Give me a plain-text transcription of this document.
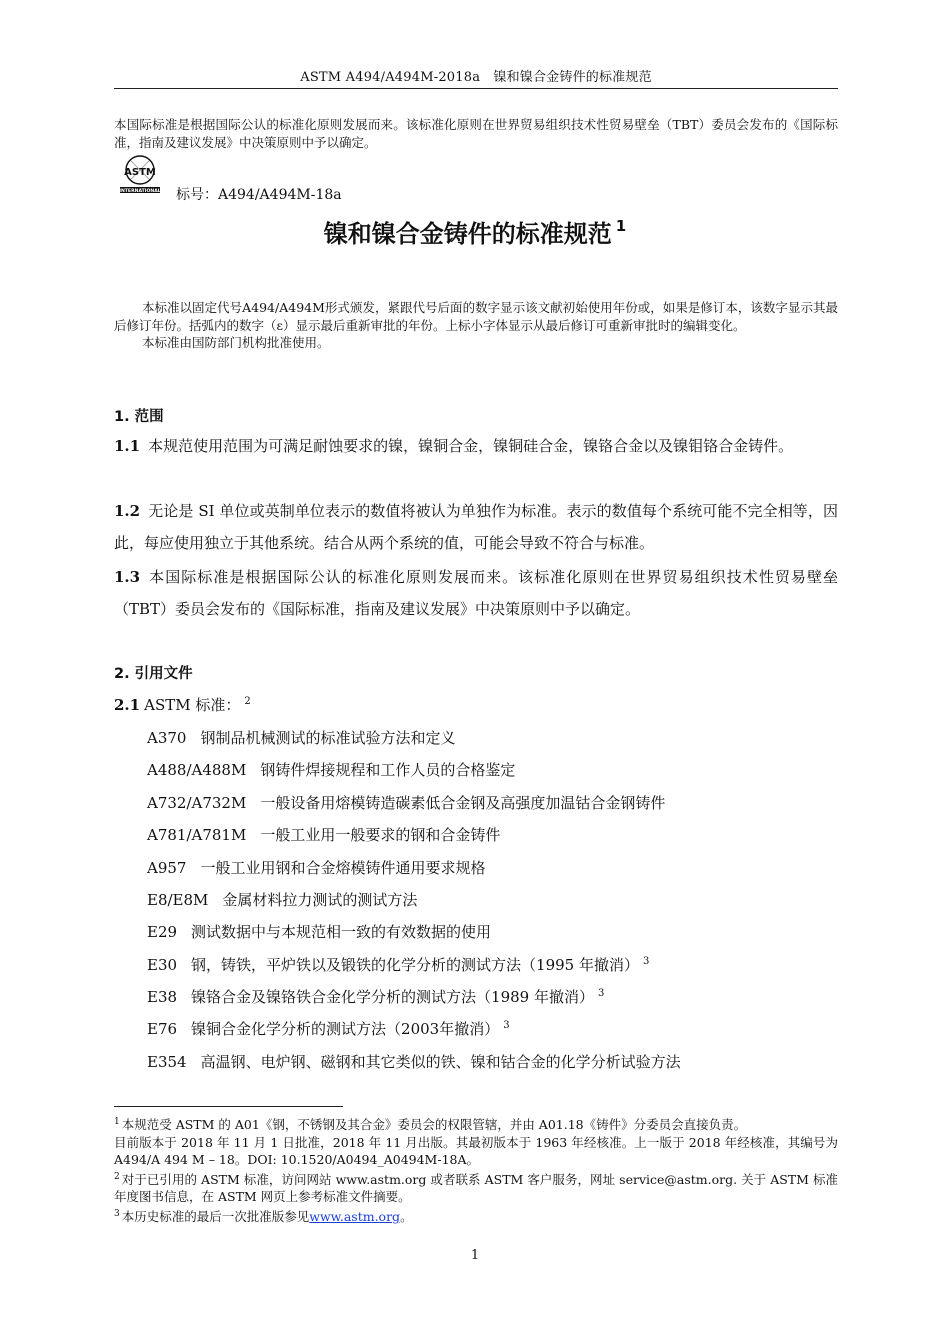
ASTM A494/A494M-2018a　镍和镍合金铸件的标准规范
本国际标准是根据国际公认的标准化原则发展而来。该标准化原则在世界贸易组织技术性贸易壁垒（TBT）委员会发布的《国际标准，指南及建议发展》中决策原则中予以确定。
ASTM
INTERNATIONAL 标号：A494/A494M-18a
镍和镍合金铸件的标准规范 $^1$

本标准以固定代号A494/A494M形式颁发，紧跟代号后面的数字显示该文献初始使用年份或，如果是修订本，该数字显示其最后修订年份。括弧内的数字（ε）显示最后重新审批的年份。上标小字体显示从最后修订可重新审批时的编辑变化。

本标准由国防部门机构批准使用。

1. 范围
1.1 本规范使用范围为可满足耐蚀要求的镍，镍铜合金，镍铜硅合金，镍铬合金以及镍钼铬合金铸件。
1.2 无论是 SI 单位或英制单位表示的数值将被认为单独作为标准。表示的数值每个系统可能不完全相等，因此，每应使用独立于其他系统。结合从两个系统的值，可能会导致不符合与标准。
1.3 本国际标准是根据国际公认的标准化原则发展而来。该标准化原则在世界贸易组织技术性贸易壁垒（TBT）委员会发布的《国际标准，指南及建议发展》中决策原则中予以确定。
2. 引用文件
2.1 ASTM 标准： $^2$
A370 钢制品机械测试的标准试验方法和定义
A488/A488M 钢铸件焊接规程和工作人员的合格鉴定
A732/A732M 一般设备用熔模铸造碳素低合金钢及高强度加温钴合金钢铸件
A781/A781M 一般工业用一般要求的钢和合金铸件
A957 一般工业用钢和合金熔模铸件通用要求规格
E8/E8M 金属材料拉力测试的测试方法
E29 测试数据中与本规范相一致的有效数据的使用
E30 钢，铸铁，平炉铁以及锻铁的化学分析的测试方法（1995 年撤消） $^3$
E38 镍铬合金及镍铬铁合金化学分析的测试方法（1989 年撤消） $^3$
E76 镍铜合金化学分析的测试方法（2003年撤消） $^3$
E354 高温钢、电炉钢、磁钢和其它类似的铁、镍和钴合金的化学分析试验方法

$^1$ 本规范受 ASTM 的 A01《钢，不锈钢及其合金》委员会的权限管辖，并由 A01.18《铸件》分委员会直接负责。

目前版本于 2018 年 11 月 1 日批准，2018 年 11 月出版。其最初版本于 1963 年经核准。上一版于 2018 年经核准，其编号为 A494/A 494 M – 18。DOI: 10.1520/A0494_A0494M-18A。

$^2$ 对于已引用的 ASTM 标准，访问网站 www.astm.org 或者联系 ASTM 客户服务，网址 service@astm.org. 关于 ASTM 标准年度图书信息，在 ASTM 网页上参考标准文件摘要。

$^3$ 本历史标准的最后一次批准版参见www.astm.org。

1
